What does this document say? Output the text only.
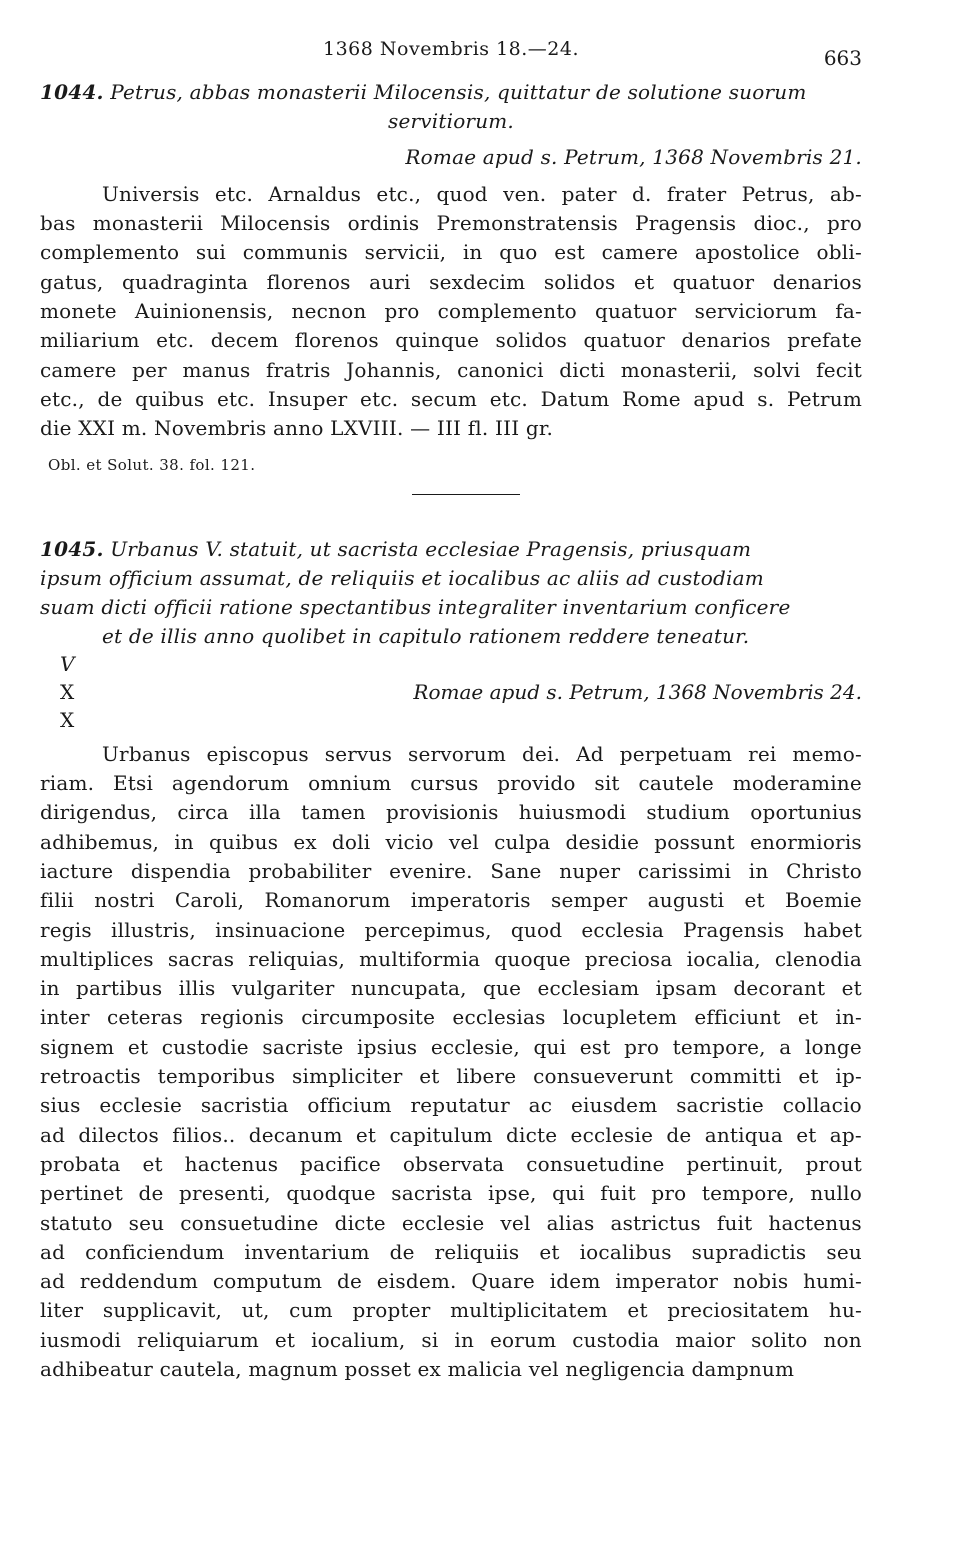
1368 Novembris 18.—24.	663
1044. Petrus, abbas monasterii Milocensis, quittatur de solutione suorum
servitiorum.
Romae apud s. Petrum, 1368 Novembris 21.
Universis etc. Arnaldus etc., quod ven. pater d. frater Petrus, ab-
bas monasterii Milocensis ordinis Premonstratensis Pragensis dioc., pro
complemento sui communis servicii, in quo est camere apostolice obli-
gatus, quadraginta florenos auri sexdecim solidos et quatuor denarios
monete Auinionensis, necnon pro complemento quatuor serviciorum fa-
miliarium etc. decem florenos quinque solidos quatuor denarios prefate
camere per manus fratris Johannis, canonici dicti monasterii, solvi fecit
etc., de quibus etc. Insuper etc. secum etc. Datum Rome apud s. Petrum
die XXI m. Novembris anno LXVIII. — III fl. III gr.
Obl. et Solut. 38. fol. 121.
1045. Urbanus V. statuit, ut sacrista ecclesiae Pragensis, priusquam
ipsum officium assumat, de reliquiis et iocalibus ac aliis ad custodiam
suam dicti officii ratione spectantibus integraliter inventarium conficere
et de illis anno quolibet in capitulo rationem reddere teneatur.
V
X	Romae apud s. Petrum, 1368 Novembris 24.
X
Urbanus episcopus servus servorum dei. Ad perpetuam rei memo-
riam. Etsi agendorum omnium cursus provido sit cautele moderamine
dirigendus, circa illa tamen provisionis huiusmodi studium oportunius
adhibemus, in quibus ex doli vicio vel culpa desidie possunt enormioris
iacture dispendia probabiliter evenire. Sane nuper carissimi in Christo
filii nostri Caroli, Romanorum imperatoris semper augusti et Boemie
regis illustris, insinuacione percepimus, quod ecclesia Pragensis habet
multiplices sacras reliquias, multiformia quoque preciosa iocalia, clenodia
in partibus illis vulgariter nuncupata, que ecclesiam ipsam decorant et
inter ceteras regionis circumposite ecclesias locupletem efficiunt et in-
signem et custodie sacriste ipsius ecclesie, qui est pro tempore, a longe
retroactis temporibus simpliciter et libere consueverunt committi et ip-
sius ecclesie sacristia officium reputatur ac eiusdem sacristie collacio
ad dilectos filios.. decanum et capitulum dicte ecclesie de antiqua et ap-
probata et hactenus pacifice observata consuetudine pertinuit, prout
pertinet de presenti, quodque sacrista ipse, qui fuit pro tempore, nullo
statuto seu consuetudine dicte ecclesie vel alias astrictus fuit hactenus
ad conficiendum inventarium de reliquiis et iocalibus supradictis seu
ad reddendum computum de eisdem. Quare idem imperator nobis humi-
liter supplicavit, ut, cum propter multiplicitatem et preciositatem hu-
iusmodi reliquiarum et iocalium, si in eorum custodia maior solito non
adhibeatur cautela, magnum posset ex malicia vel negligencia dampnum
